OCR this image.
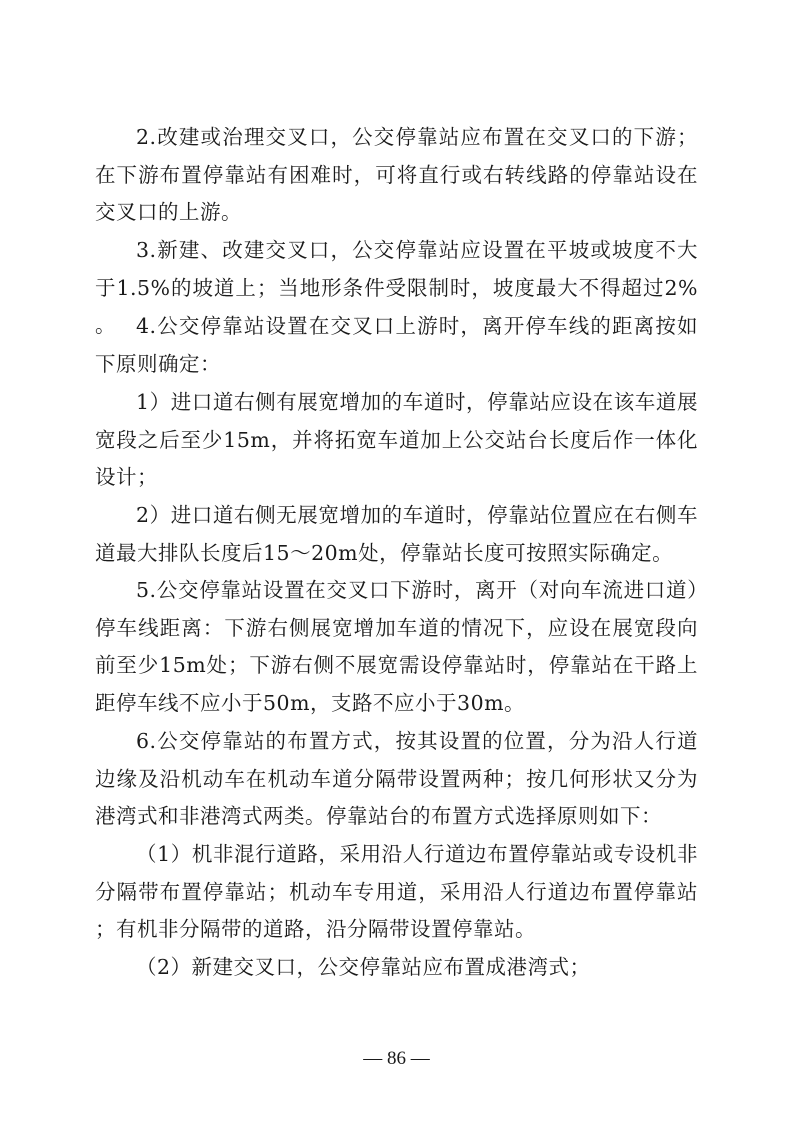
2.改建或治理交叉口，公交停靠站应布置在交叉口的下游；在下游布置停靠站有困难时，可将直行或右转线路的停靠站设在交叉口的上游。

3.新建、改建交叉口，公交停靠站应设置在平坡或坡度不大于1.5%的坡道上；当地形条件受限制时，坡度最大不得超过2%。 4.公交停靠站设置在交叉口上游时，离开停车线的距离按如下原则确定：

1）进口道右侧有展宽增加的车道时，停靠站应设在该车道展宽段之后至少15m，并将拓宽车道加上公交站台长度后作一体化设计；

2）进口道右侧无展宽增加的车道时，停靠站位置应在右侧车道最大排队长度后15～20m处，停靠站长度可按照实际确定。

5.公交停靠站设置在交叉口下游时，离开（对向车流进口道）停车线距离：下游右侧展宽增加车道的情况下，应设在展宽段向前至少15m处；下游右侧不展宽需设停靠站时，停靠站在干路上距停车线不应小于50m，支路不应小于30m。

6.公交停靠站的布置方式，按其设置的位置，分为沿人行道边缘及沿机动车在机动车道分隔带设置两种；按几何形状又分为港湾式和非港湾式两类。停靠站台的布置方式选择原则如下：

（1）机非混行道路，采用沿人行道边布置停靠站或专设机非分隔带布置停靠站；机动车专用道，采用沿人行道边布置停靠站；有机非分隔带的道路，沿分隔带设置停靠站。

（2）新建交叉口，公交停靠站应布置成港湾式；

— 86 —
